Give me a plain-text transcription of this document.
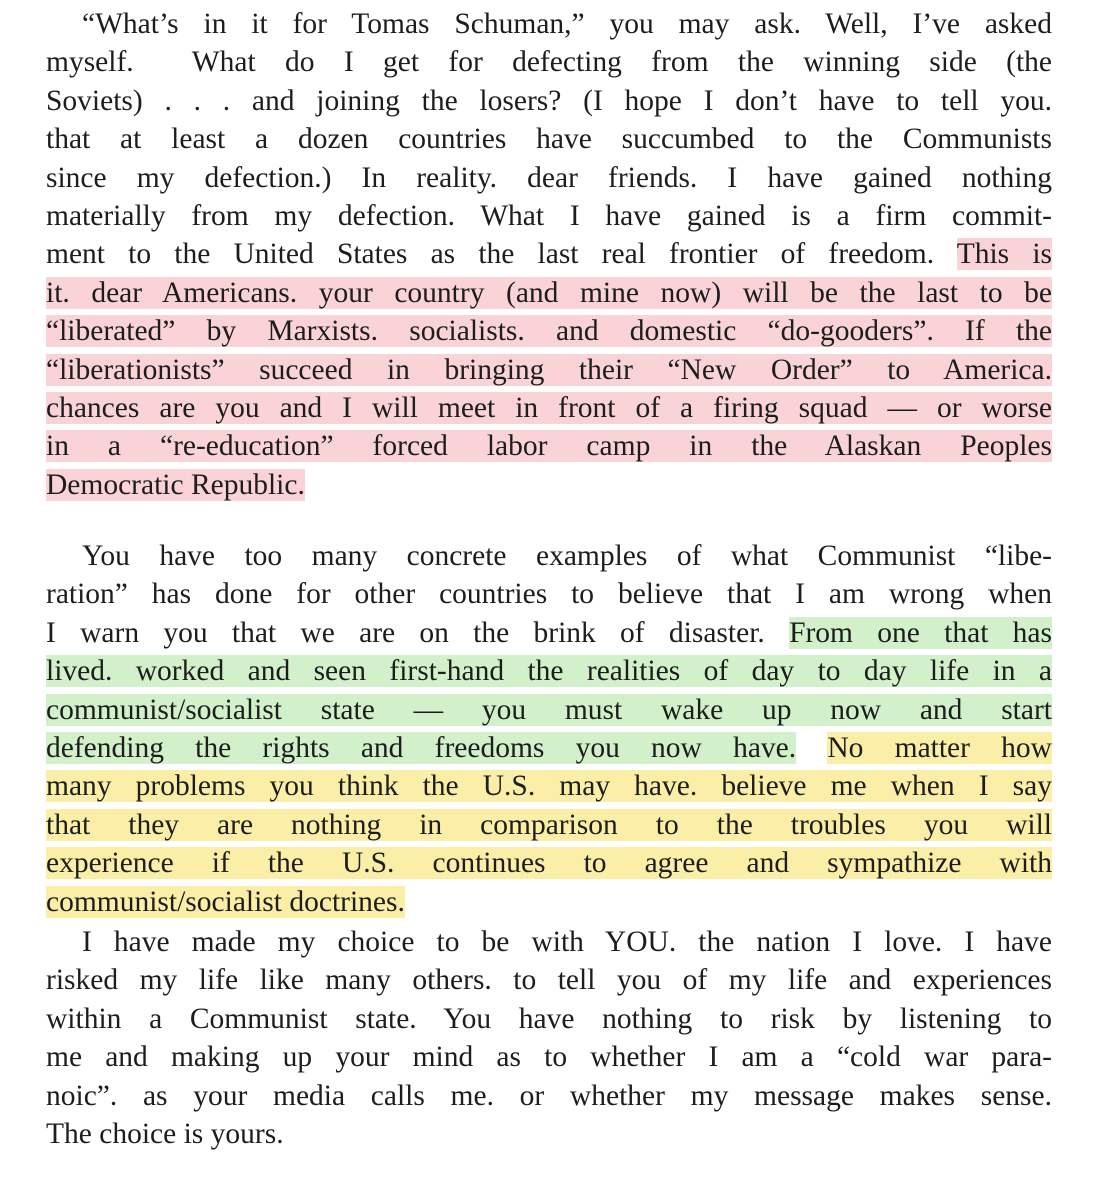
“What’s in it for Tomas Schuman,” you may ask. Well, I’ve asked
myself.  What do I get for defecting from the winning side (the
Soviets) . . . and joining the losers? (I hope I don’t have to tell you.
that at least a dozen countries have succumbed to the Communists
since my defection.) In reality. dear friends. I have gained nothing
materially from my defection. What I have gained is a firm commit-
ment to the United States as the last real frontier of freedom. This is
it. dear Americans. your country (and mine now) will be the last to be
“liberated” by Marxists. socialists. and domestic “do-gooders”. If the
“liberationists” succeed in bringing their “New Order” to America.
chances are you and I will meet in front of a firing squad — or worse
in a “re-education” forced labor camp in the Alaskan Peoples
Democratic Republic.
You have too many concrete examples of what Communist “libe-
ration” has done for other countries to believe that I am wrong when
I warn you that we are on the brink of disaster. From one that has
lived. worked and seen first-hand the realities of day to day life in a
communist/socialist state — you must wake up now and start
defending the rights and freedoms you now have. No matter how
many problems you think the U.S. may have. believe me when I say
that they are nothing in comparison to the troubles you will
experience if the U.S. continues to agree and sympathize with
communist/socialist doctrines.
I have made my choice to be with YOU. the nation I love. I have
risked my life like many others. to tell you of my life and experiences
within a Communist state. You have nothing to risk by listening to
me and making up your mind as to whether I am a “cold war para-
noic”. as your media calls me. or whether my message makes sense.
The choice is yours.
